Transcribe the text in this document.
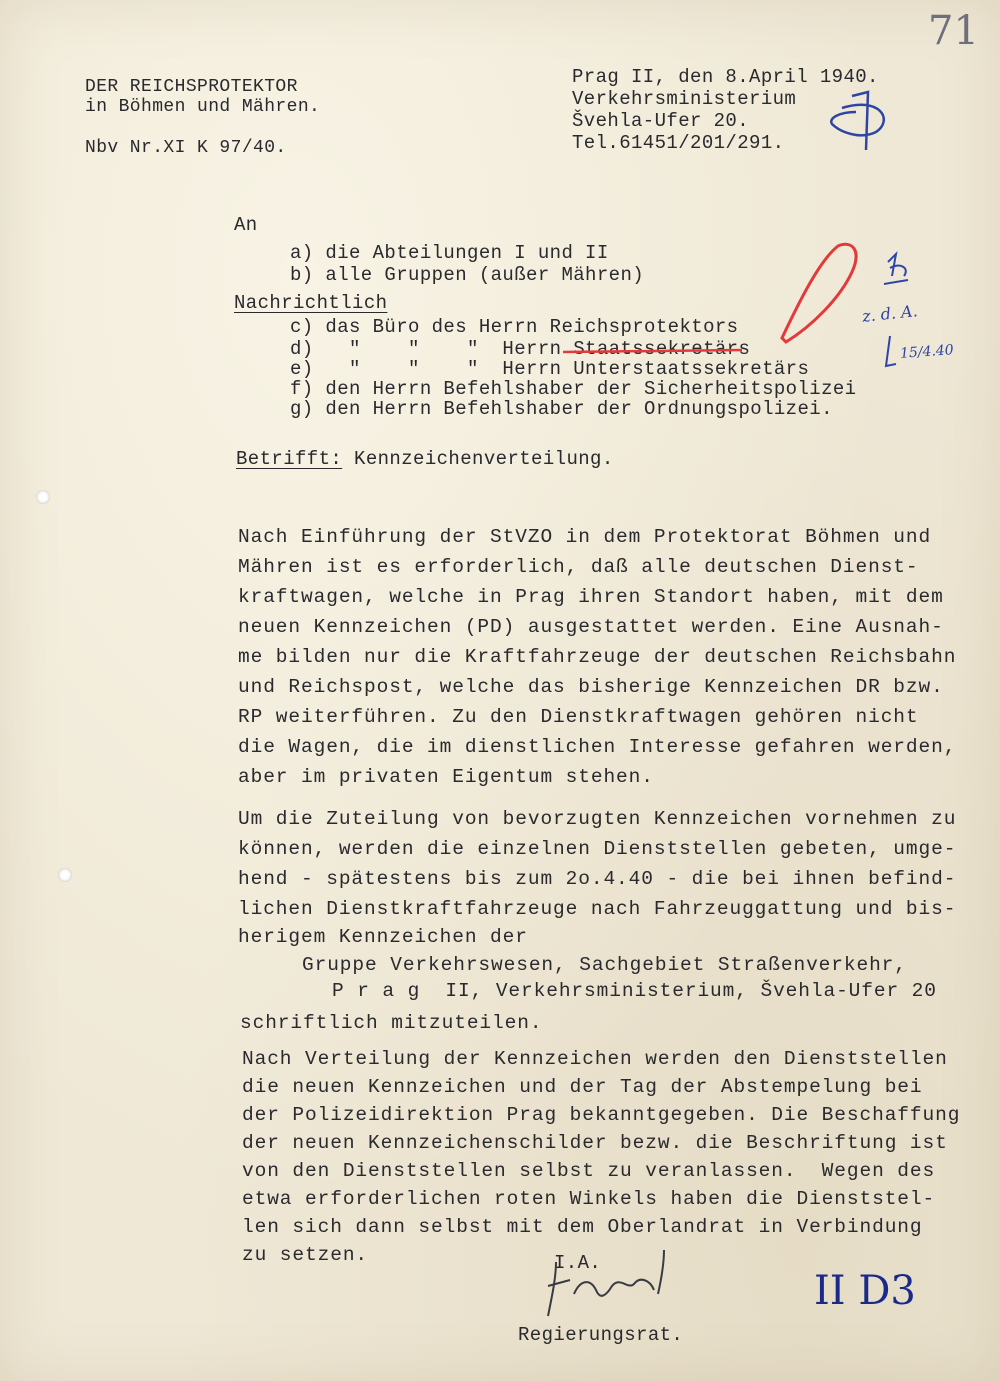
71
DER REICHSPROTEKTOR
in Böhmen und Mähren.
Nbv Nr.XI K 97/40.
Prag II, den 8.April 1940.
Verkehrsministerium
Švehla-Ufer 20.
Tel.61451/201/291.
An
a) die Abteilungen I und II
b) alle Gruppen (außer Mähren)
Nachrichtlich
c) das Büro des Herrn Reichsprotektors
d)   "    "    "  Herrn Staatssekretärs
e)   "    "    "  Herrn Unterstaatssekretärs
f) den Herrn Befehlshaber der Sicherheitspolizei
g) den Herrn Befehlshaber der Ordnungspolizei.
Betrifft: Kennzeichenverteilung.
Nach Einführung der StVZO in dem Protektorat Böhmen und
Mähren ist es erforderlich, daß alle deutschen Dienst-
kraftwagen, welche in Prag ihren Standort haben, mit dem
neuen Kennzeichen (PD) ausgestattet werden. Eine Ausnah-
me bilden nur die Kraftfahrzeuge der deutschen Reichsbahn
und Reichspost, welche das bisherige Kennzeichen DR bzw.
RP weiterführen. Zu den Dienstkraftwagen gehören nicht
die Wagen, die im dienstlichen Interesse gefahren werden,
aber im privaten Eigentum stehen.
Um die Zuteilung von bevorzugten Kennzeichen vornehmen zu
können, werden die einzelnen Dienststellen gebeten, umge-
hend - spätestens bis zum 2o.4.40 - die bei ihnen befind-
lichen Dienstkraftfahrzeuge nach Fahrzeuggattung und bis-
herigem Kennzeichen der
Gruppe Verkehrswesen, Sachgebiet Straßenverkehr,
P r a g  II, Verkehrsministerium, Švehla-Ufer 20
schriftlich mitzuteilen.
Nach Verteilung der Kennzeichen werden den Dienststellen
die neuen Kennzeichen und der Tag der Abstempelung bei
der Polizeidirektion Prag bekanntgegeben. Die Beschaffung
der neuen Kennzeichenschilder bezw. die Beschriftung ist
von den Dienststellen selbst zu veranlassen.  Wegen des
etwa erforderlichen roten Winkels haben die Dienststel-
len sich dann selbst mit dem Oberlandrat in Verbindung
zu setzen.	I.A.
Regierungsrat.
z. d. A.
15/4.40
II D3
